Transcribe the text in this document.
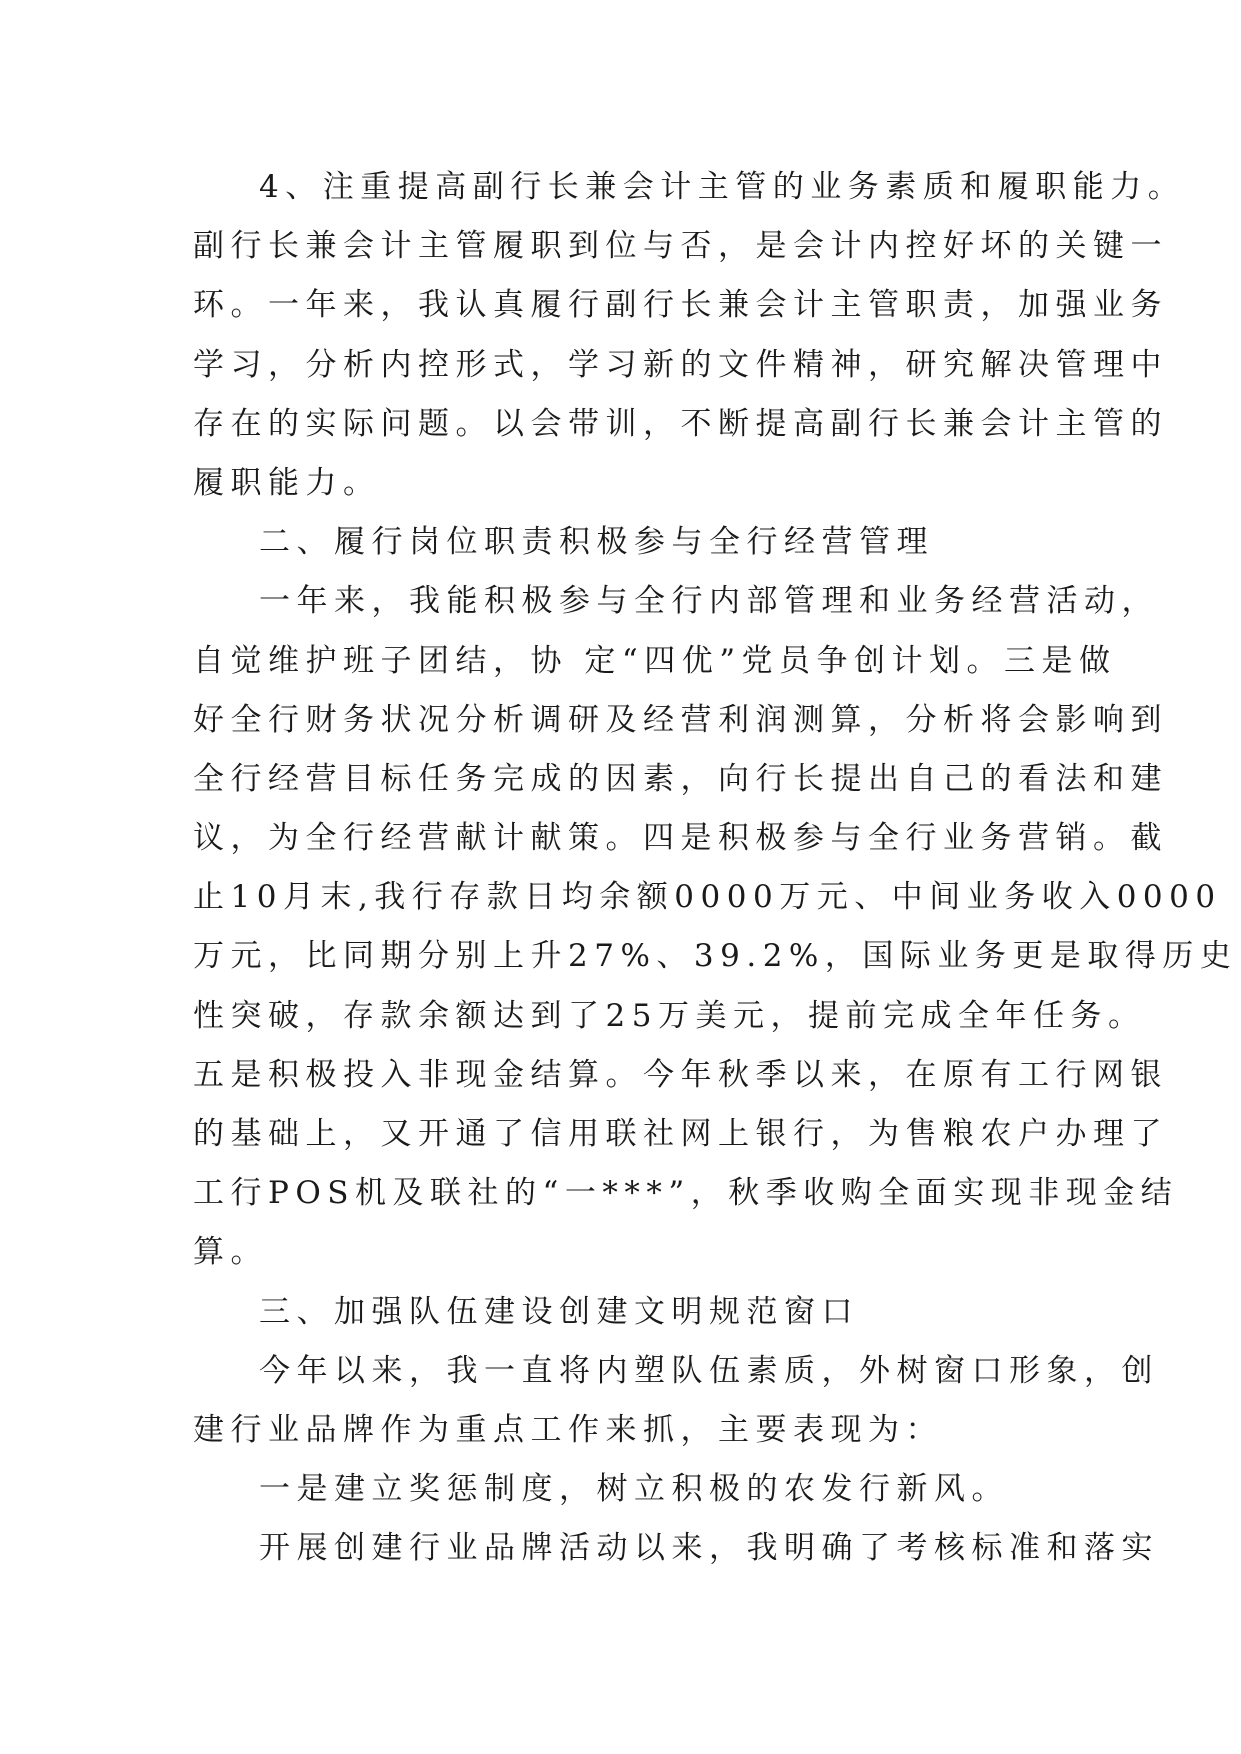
4、注重提高副行长兼会计主管的业务素质和履职能力。
副行长兼会计主管履职到位与否，是会计内控好坏的关键一
环。一年来，我认真履行副行长兼会计主管职责，加强业务
学习，分析内控形式，学习新的文件精神，研究解决管理中
存在的实际问题。以会带训，不断提高副行长兼会计主管的
履职能力。
二、履行岗位职责积极参与全行经营管理
一年来，我能积极参与全行内部管理和业务经营活动，
自觉维护班子团结，协 定“四优”党员争创计划。三是做
好全行财务状况分析调研及经营利润测算，分析将会影响到
全行经营目标任务完成的因素，向行长提出自己的看法和建
议，为全行经营献计献策。四是积极参与全行业务营销。截
止10月末,我行存款日均余额0000万元、中间业务收入0000
万元，比同期分别上升27%、39.2%，国际业务更是取得历史
性突破，存款余额达到了25万美元，提前完成全年任务。
五是积极投入非现金结算。今年秋季以来，在原有工行网银
的基础上，又开通了信用联社网上银行，为售粮农户办理了
工行POS机及联社的“一***”，秋季收购全面实现非现金结
算。
三、加强队伍建设创建文明规范窗口
今年以来，我一直将内塑队伍素质，外树窗口形象，创
建行业品牌作为重点工作来抓，主要表现为：
一是建立奖惩制度，树立积极的农发行新风。
开展创建行业品牌活动以来，我明确了考核标准和落实
